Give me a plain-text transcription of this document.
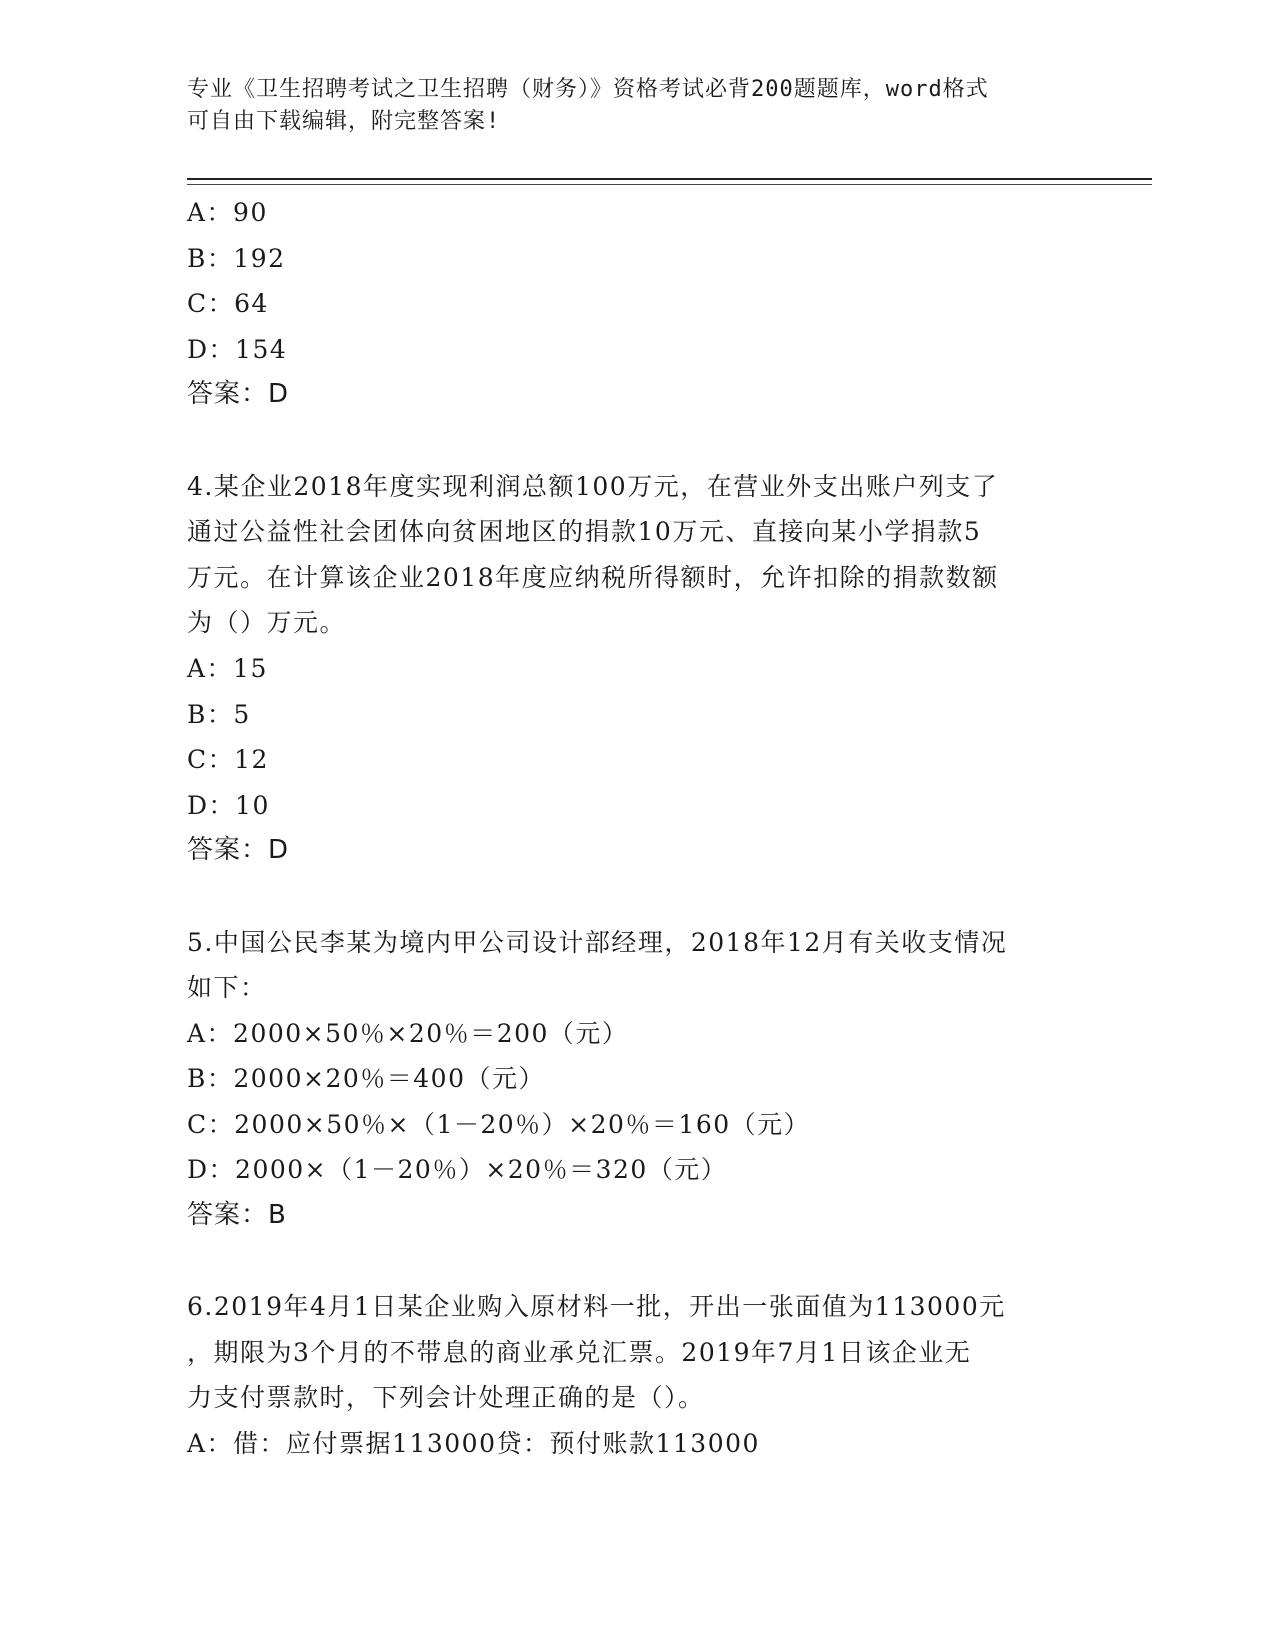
专业《卫生招聘考试之卫生招聘（财务）》资格考试必背200题题库，word格式
可自由下载编辑，附完整答案!
A：90
B：192
C：64
D：154
答案：D
4.某企业2018年度实现利润总额100万元，在营业外支出账户列支了
通过公益性社会团体向贫困地区的捐款10万元、直接向某小学捐款5
万元。在计算该企业2018年度应纳税所得额时，允许扣除的捐款数额
为（）万元。
A：15
B：5
C：12
D：10
答案：D
5.中国公民李某为境内甲公司设计部经理，2018年12月有关收支情况
如下：
A：2000×50％×20％＝200（元）
B：2000×20％＝400（元）
C：2000×50％×（1－20％）×20％＝160（元）
D：2000×（1－20％）×20％＝320（元）
答案：B
6.2019年4月1日某企业购入原材料一批，开出一张面值为113000元
，期限为3个月的不带息的商业承兑汇票。2019年7月1日该企业无
力支付票款时，下列会计处理正确的是（）。
A：借：应付票据113000贷：预付账款113000
